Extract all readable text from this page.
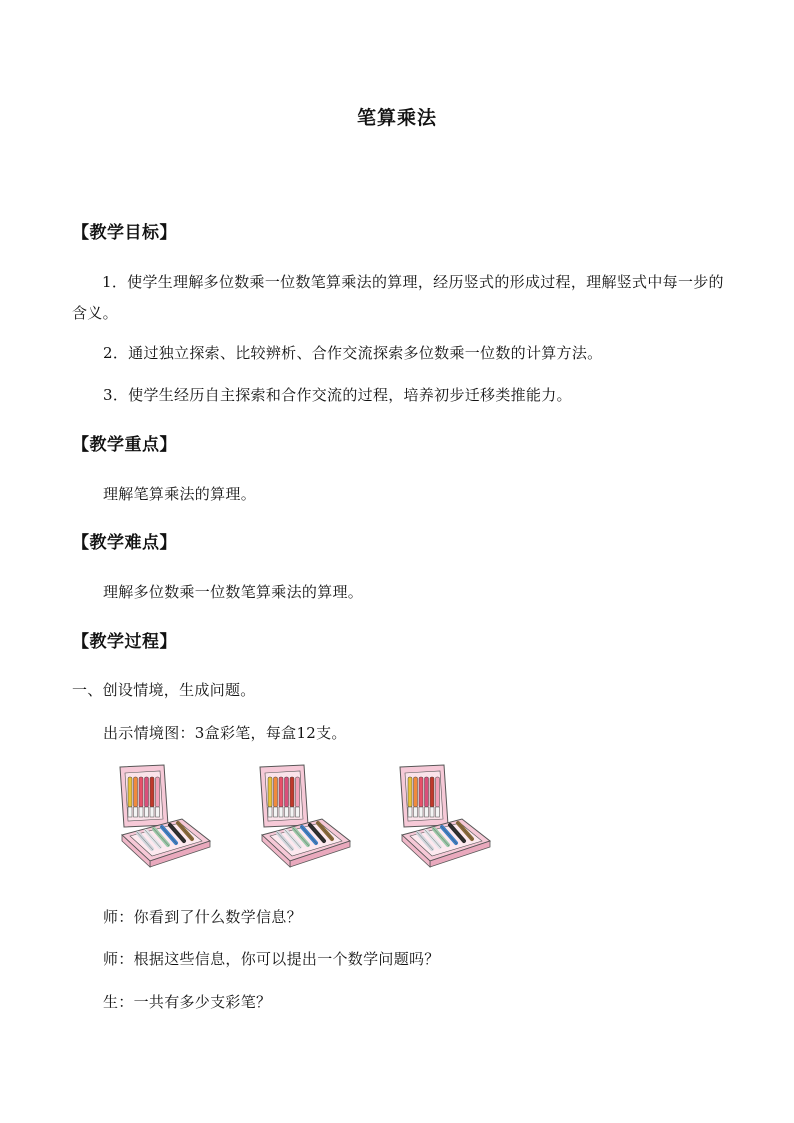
笔算乘法
【教学目标】
1．使学生理解多位数乘一位数笔算乘法的算理，经历竖式的形成过程，理解竖式中每一步的含义。
2．通过独立探索、比较辨析、合作交流探索多位数乘一位数的计算方法。
3．使学生经历自主探索和合作交流的过程，培养初步迁移类推能力。
【教学重点】
理解笔算乘法的算理。
【教学难点】
理解多位数乘一位数笔算乘法的算理。
【教学过程】
一、创设情境，生成问题。
出示情境图：3盒彩笔，每盒12支。
师：你看到了什么数学信息？
师：根据这些信息，你可以提出一个数学问题吗？
生：一共有多少支彩笔？
